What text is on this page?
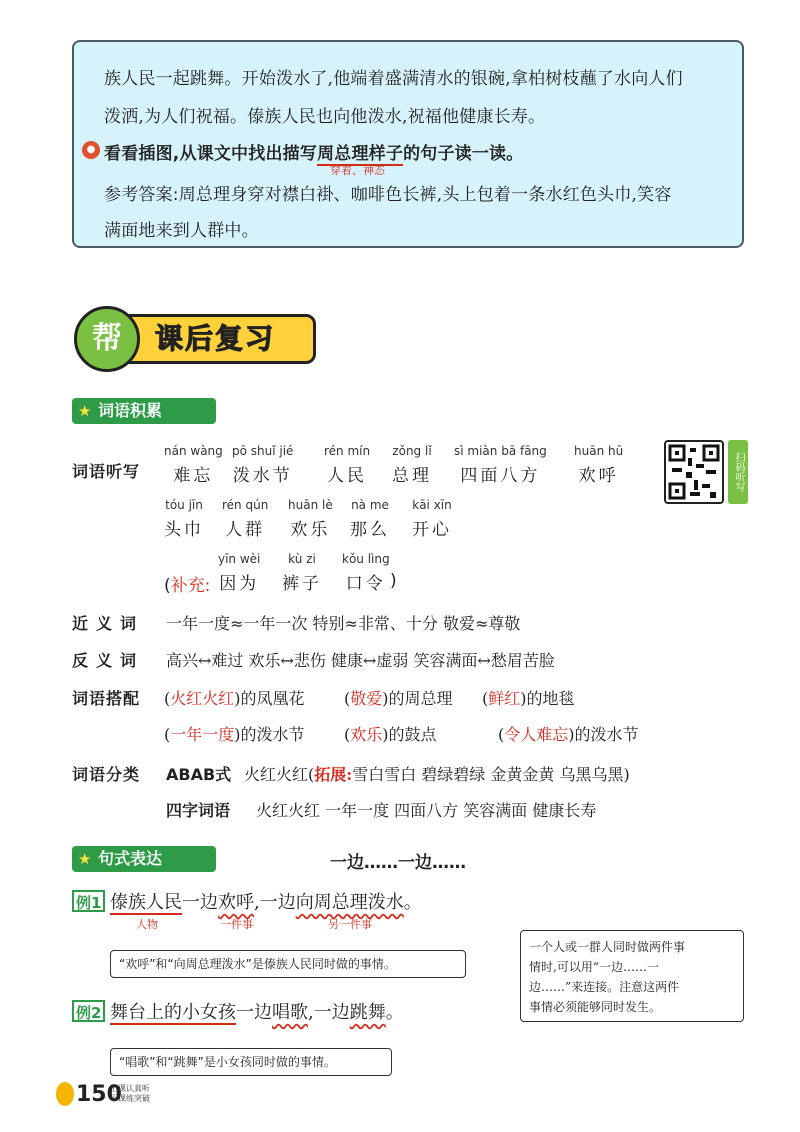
族人民一起跳舞。开始泼水了,他端着盛满清水的银碗,拿柏树枝蘸了水向人们
泼洒,为人们祝福。傣族人民也向他泼水,祝福他健康长寿。
● 看看插图,从课文中找出描写周总理样子的句子读一读。
穿着、神态
参考答案:周总理身穿对襟白褂、咖啡色长裤,头上包着一条水红色头巾,笑容
满面地来到人群中。
课后复习
帮
★ 词语积累
词语听写
nán wàng
难忘
pō shuǐ jié
泼水节
rén mín
人民
zǒng lǐ
总理
sì miàn bā fāng
四面八方
huān hū
欢呼
tóu jīn
头巾
rén qún
人群
huān lè
欢乐
nà me
那么
kāi xīn
开心
(补充:
yīn wèi
因为
kù zi
裤子
kǒu lìng
口令 )
扫码听写
近义词 一年一度≈一年一次 特别≈非常、十分 敬爱≈尊敬
反义词 高兴↔难过 欢乐↔悲伤 健康↔虚弱 笑容满面↔愁眉苦脸
词语搭配 (火红火红)的凤凰花 (敬爱)的周总理 (鲜红)的地毯
(一年一度)的泼水节 (欢乐)的鼓点	(令人难忘)的泼水节
词语分类 ABAB式 火红火红(拓展:雪白雪白 碧绿碧绿 金黄金黄 乌黑乌黑)
四字词语 火红火红 一年一度 四面八方 笑容满面 健康长寿
★ 句式表达	一边……一边……
例1 傣族人民一边欢呼,一边向周总理泼水。
人物	一件事	另一件事
“欢呼”和“向周总理泼水”是傣族人民同时做的事情。
例2 舞台上的小女孩一边唱歌,一边跳舞。
“唱歌”和“跳舞”是小女孩同时做的事情。
一个人或一群人同时做两件事
情时,可以用“一边……一
边……”来连接。注意这两件
事情必须能够同时发生。
150
上课认真听
下课练突破
